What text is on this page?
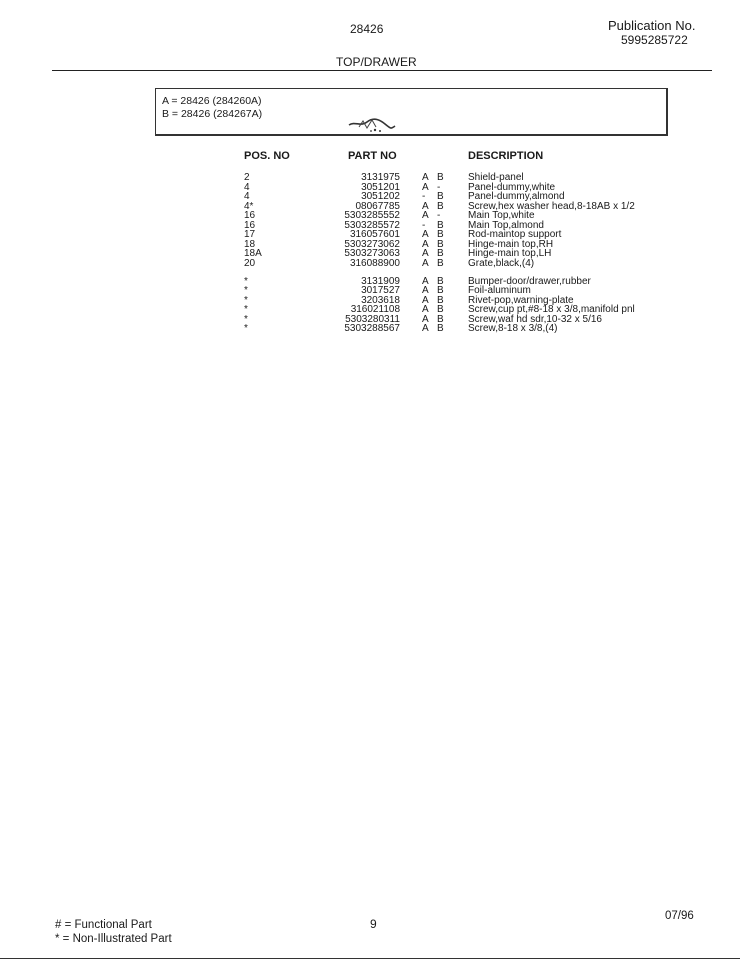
28426	Publication No.
5995285722
TOP/DRAWER
A = 28426 (284260A)
B = 28426 (284267A)
POS. NO	PART NO	DESCRIPTION
2	3131975 A B Shield-panel
4	3051201 A -	Panel-dummy,white
4	3051202 - B Panel-dummy,almond
4*	08067785 A B Screw,hex washer head,8-18AB x 1/2
16	5303285552 A -	Main Top,white
16	5303285572 - B Main Top,almond
17	316057601 A B Rod-maintop support
18	5303273062 A B Hinge-main top,RH
18A	5303273063 A B Hinge-main top,LH
20	316088900 A B Grate,black,(4)
*	3131909 A B Bumper-door/drawer,rubber
*	3017527 A B Foil-aluminum
*	3203618 A B Rivet-pop,warning-plate
*	316021108 A B Screw,cup pt,#8-18 x 3/8,manifold pnl
*	5303280311 A B Screw,waf hd sdr,10-32 x 5/16
*	5303288567 A B Screw,8-18 x 3/8,(4)
# = Functional Part
* = Non-Illustrated Part
9
07/96
